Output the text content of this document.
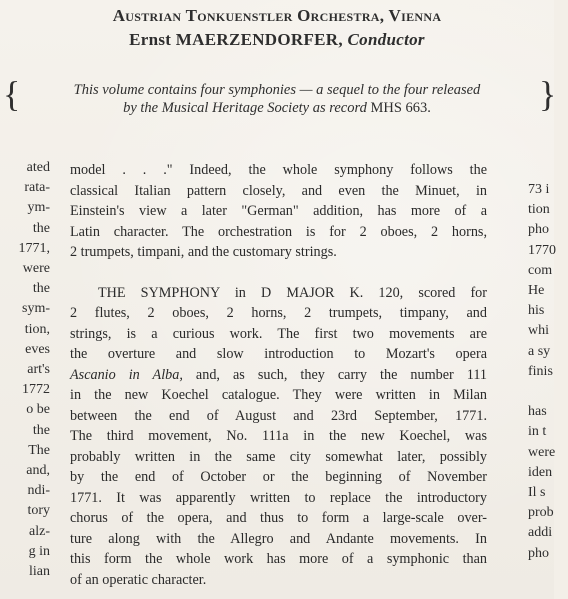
Austrian Tonkuenstler Orchestra, Vienna
Ernst MAERZENDORFER, Conductor
{	}
This volume contains four symphonies — a sequel to the four released
by the Musical Heritage Society as record MHS 663.
ated
rata-
ym-
the
1771,
were
the
sym-
tion,
eves
art's
1772
o be
the
The
and,
ndi-
tory
alz-
g in
lian
73 i
tion
pho
1770
com
He
his
whi
a sy
finis

has
in t
were
iden
Il s
prob
addi
pho
model . . ." Indeed, the whole symphony follows the
classical Italian pattern closely, and even the Minuet, in
Einstein's view a later "German" addition, has more of a
Latin character. The orchestration is for 2 oboes, 2 horns,
2 trumpets, timpani, and the customary strings.
THE SYMPHONY in D MAJOR K. 120, scored for
2 flutes, 2 oboes, 2 horns, 2 trumpets, timpany, and
strings, is a curious work. The first two movements are
the overture and slow introduction to Mozart's opera
Ascanio in Alba, and, as such, they carry the number 111
in the new Koechel catalogue. They were written in Milan
between the end of August and 23rd September, 1771.
The third movement, No. 111a in the new Koechel, was
probably written in the same city somewhat later, possibly
by the end of October or the beginning of November
1771. It was apparently written to replace the introductory
chorus of the opera, and thus to form a large-scale over-
ture along with the Allegro and Andante movements. In
this form the whole work has more of a symphonic than
of an operatic character.
